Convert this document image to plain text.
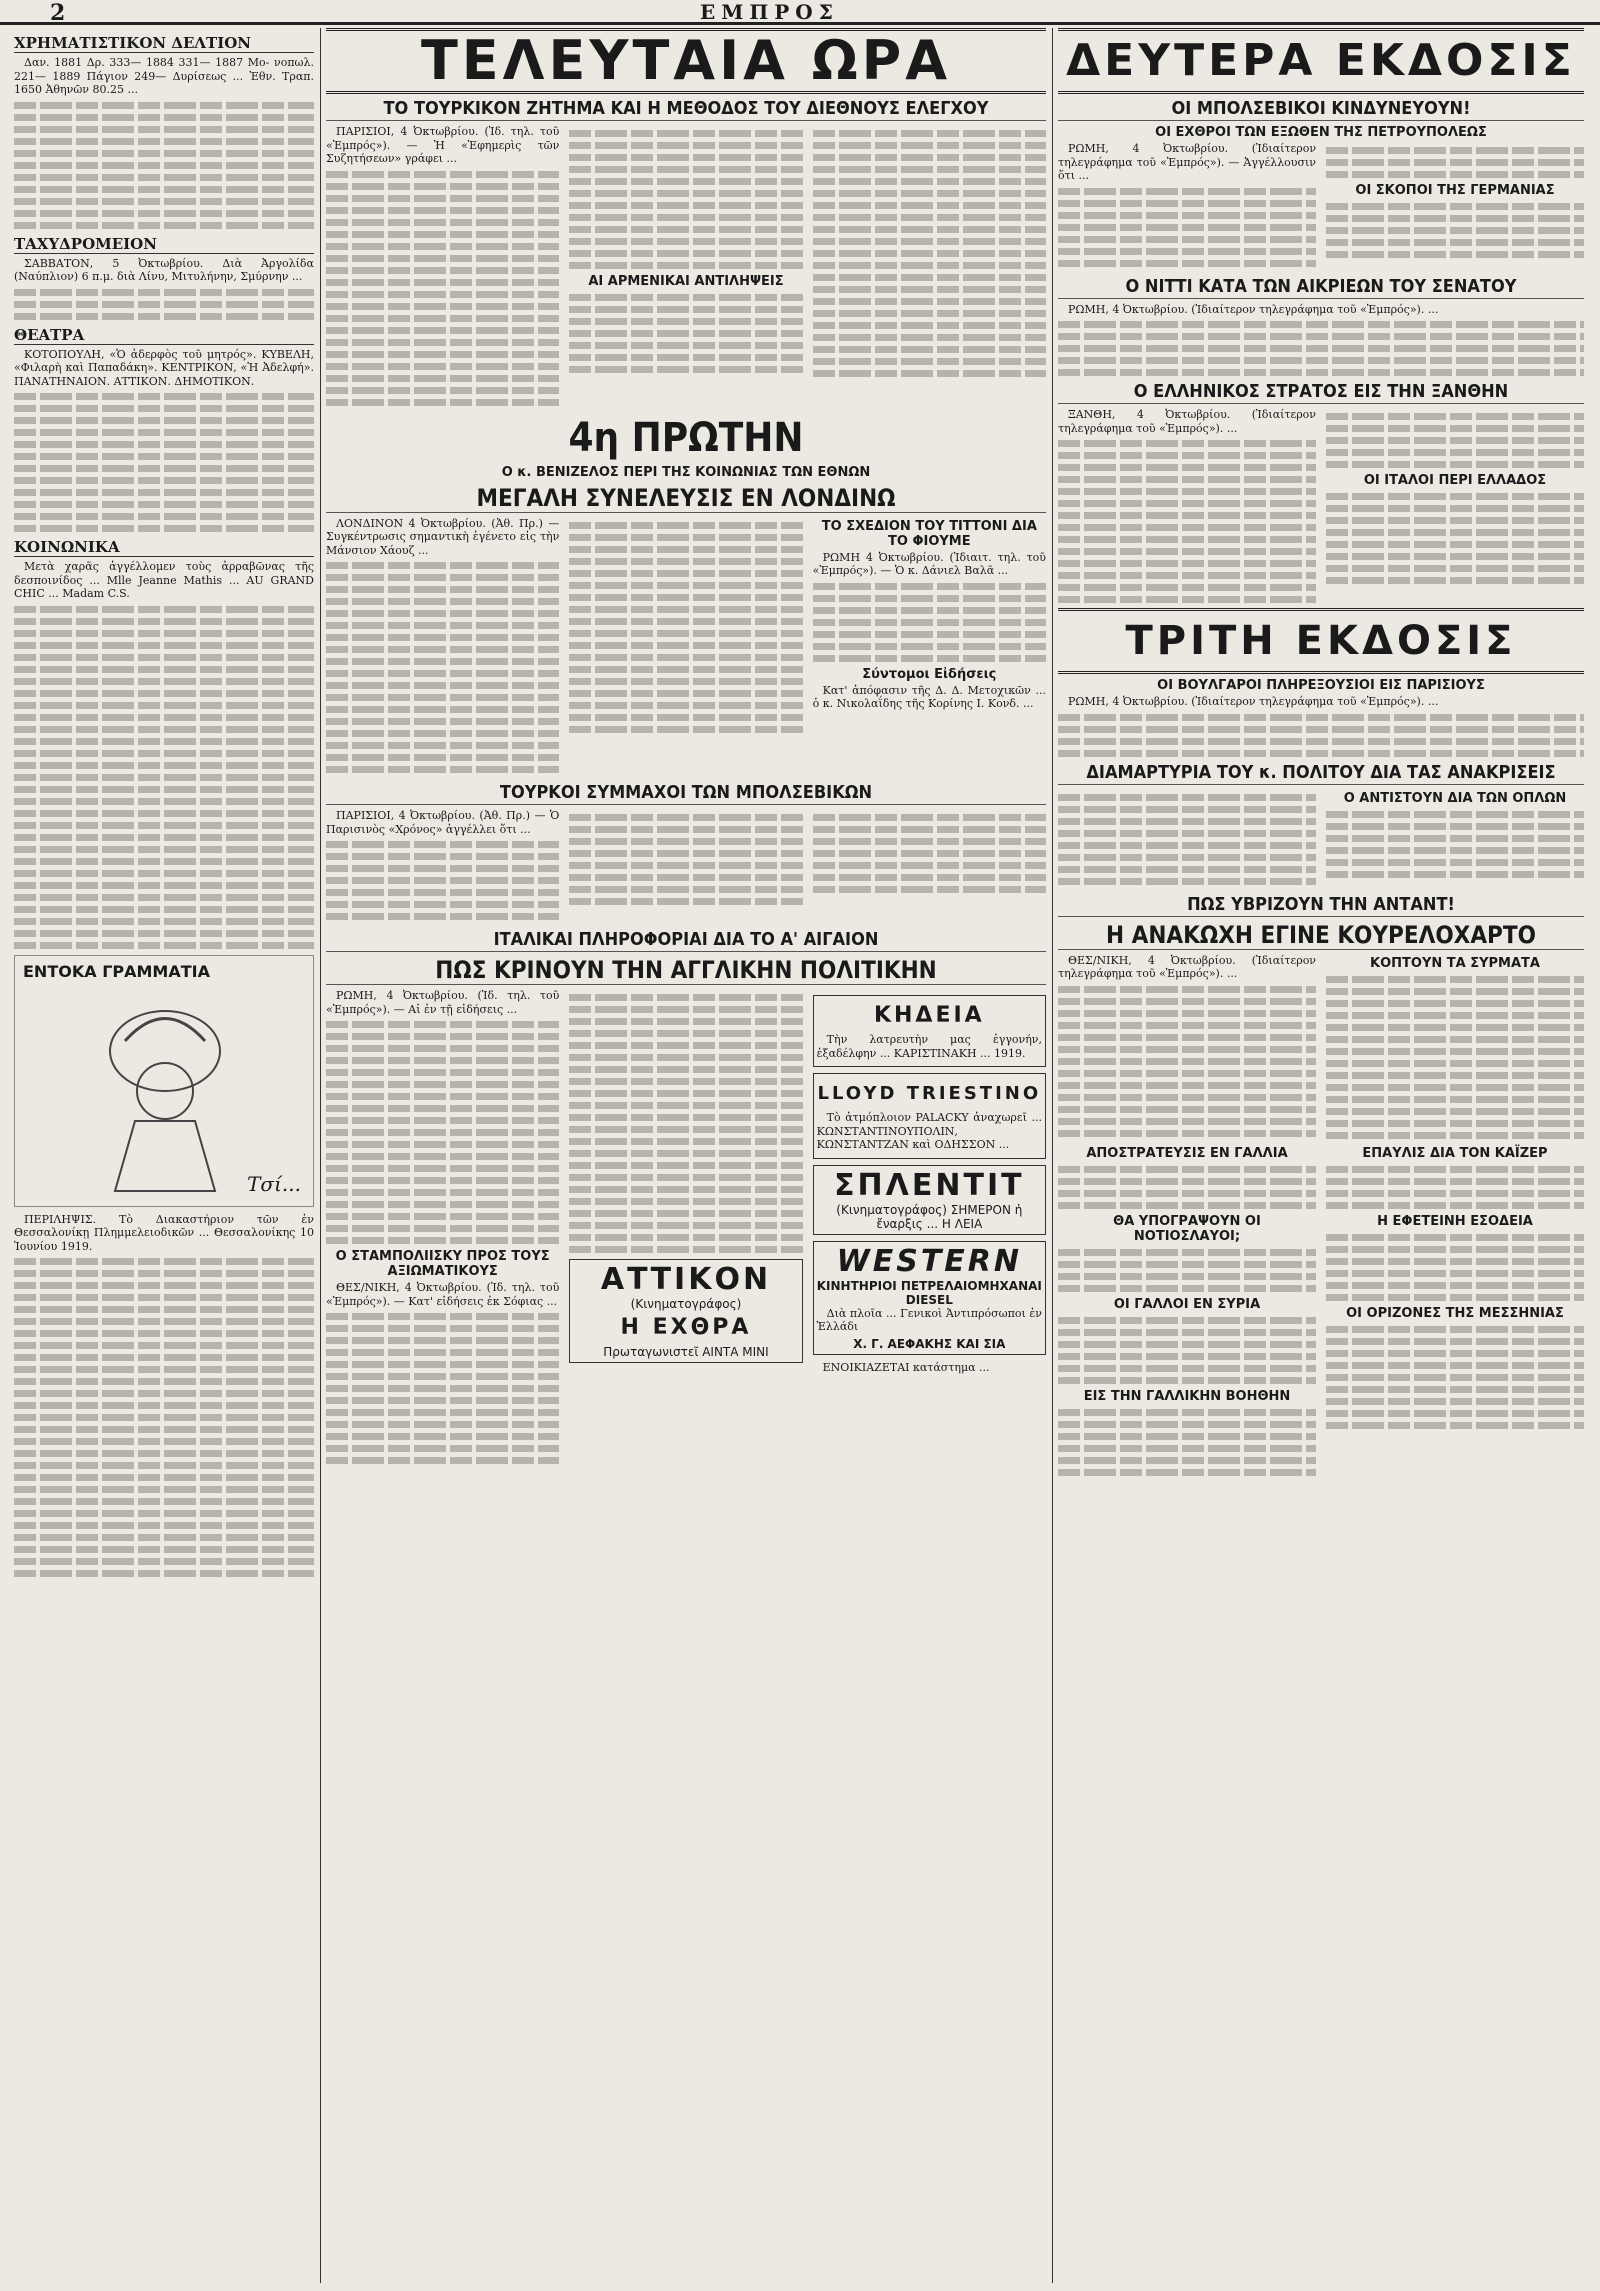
2	ΕΜΠΡΟΣ
ΧΡΗΜΑΤΙΣΤΙΚΟΝ ΔΕΛΤΙΟΝ

Δαν. 1881 Δρ. 333— 1884 331— 1887 Μο- νοπωλ. 221— 1889 Πάγιον 249— Δυρίσεως ... Ἐθν. Τραπ. 1650 Ἀθηνῶν 80.25 ...

ΤΑΧΥΔΡΟΜΕΙΟΝ

ΣΑΒΒΑΤΟΝ, 5 Ὀκτωβρίου. Διὰ Ἀργολίδα (Ναύπλιον) 6 π.μ. διὰ Λίνυ, Μιτυλήνην, Σμύρνην ...

ΘΕΑΤΡΑ

ΚΟΤΟΠΟΥΛΗ, «Ὁ ἀδερφὸς τοῦ μητρός». ΚΥΒΕΛΗ, «Φιλαρὴ καὶ Παπαδάκη». ΚΕΝΤΡΙΚΟΝ, «Ἡ Ἀδελφή». ΠΑΝΑΤΗΝΑΙΟΝ. ΑΤΤΙΚΟΝ. ΔΗΜΟΤΙΚΟΝ.

ΚΟΙΝΩΝΙΚΑ

Μετὰ χαρᾶς ἀγγέλλομεν τοὺς ἀρραβῶνας τῆς δεσποινίδος ... Mlle Jeanne Mathis ... AU GRAND CHIC ... Madam C.S.

ΕΝΤΟΚΑ ΓΡΑΜΜΑΤΙΑ
Τσί...

ΠΕΡΙΛΗΨΙΣ. Τὸ Διακαστήριον τῶν ἐν Θεσσαλονίκῃ Πλημμελειοδικῶν ... Θεσσαλονίκης 10 Ἰουνίου 1919.

ΤΕΛΕΥΤΑΙΑ ΩΡΑ
ΤΟ ΤΟΥΡΚΙΚΟΝ ΖΗΤΗΜΑ ΚΑΙ Η ΜΕΘΟΔΟΣ ΤΟΥ ΔΙΕΘΝΟΥΣ ΕΛΕΓΧΟΥ

ΠΑΡΙΣΙΟΙ, 4 Ὀκτωβρίου. (Ἰδ. τηλ. τοῦ «Ἐμπρός»). — Ἡ «Ἐφημερὶς τῶν Συζητήσεων» γράφει ...

ΑΙ ΑΡΜΕΝΙΚΑΙ ΑΝΤΙΛΗΨΕΙΣ
4η ΠΡΩΤΗΝ
Ο κ. ΒΕΝΙΖΕΛΟΣ ΠΕΡΙ ΤΗΣ ΚΟΙΝΩΝΙΑΣ ΤΩΝ ΕΘΝΩΝ
ΜΕΓΑΛΗ ΣΥΝΕΛΕΥΣΙΣ ΕΝ ΛΟΝΔΙΝΩ

ΛΟΝΔΙΝΟΝ 4 Ὀκτωβρίου. (Ἀθ. Πρ.) — Συγκέντρωσις σημαντικὴ ἐγένετο εἰς τὴν Μάνσιον Χάουζ ...

ΤΟ ΣΧΕΔΙΟΝ ΤΟΥ ΤΙΤΤΟΝΙ ΔΙΑ ΤΟ ΦΙΟΥΜΕ

ΡΩΜΗ 4 Ὀκτωβρίου. (Ἰδιαιτ. τηλ. τοῦ «Ἐμπρός»). — Ὁ κ. Δάνιελ Βαλᾶ ...

Σύντομοι Εἰδήσεις

Κατ' ἀπόφασιν τῆς Δ. Δ. Μετοχικῶν ... ὁ κ. Νικολαΐδης τῆς Κορίνης Ι. Κονδ. ...

ΤΟΥΡΚΟΙ ΣΥΜΜΑΧΟΙ ΤΩΝ ΜΠΟΛΣΕΒΙΚΩΝ

ΠΑΡΙΣΙΟΙ, 4 Ὀκτωβρίου. (Ἀθ. Πρ.) — Ὁ Παρισινὸς «Χρόνος» ἀγγέλλει ὅτι ...

ΙΤΑΛΙΚΑΙ ΠΛΗΡΟΦΟΡΙΑΙ ΔΙΑ ΤΟ Α' ΑΙΓΑΙΟΝ
ΠΩΣ ΚΡΙΝΟΥΝ ΤΗΝ ΑΓΓΛΙΚΗΝ ΠΟΛΙΤΙΚΗΝ

ΡΩΜΗ, 4 Ὀκτωβρίου. (Ἰδ. τηλ. τοῦ «Ἐμπρός»). — Αἱ ἐν τῇ εἰδήσεις ...

Ο ΣΤΑΜΠΟΛΙΙΣΚΥ ΠΡΟΣ ΤΟΥΣ ΑΞΙΩΜΑΤΙΚΟΥΣ

ΘΕΣ/ΝΙΚΗ, 4 Ὀκτωβρίου. (Ἰδ. τηλ. τοῦ «Ἐμπρός»). — Κατ' εἰδήσεις ἐκ Σόφιας ...

ΑΤΤΙΚΟΝ
(Κινηματογράφος)
Η ΕΧΘΡΑ
Πρωταγωνιστεῖ ΑΙΝΤΑ ΜΙΝΙ
ΚΗΔΕΙΑ

Τὴν λατρευτὴν μας ἐγγονήν, ἐξαδέλφην ... ΚΑΡΙΣΤΙΝΑΚΗ ... 1919.

LLOYD TRIESTINO

Τὸ ἀτμόπλοιον PALACKY ἀναχωρεῖ ... ΚΩΝΣΤΑΝΤΙΝΟΥΠΟΛΙΝ, ΚΩΝΣΤΑΝΤΖΑΝ καὶ ΟΔΗΣΣΟΝ ...

ΣΠΛΕΝΤΙΤ
(Κινηματογράφος) ΣΗΜΕΡΟΝ ἡ ἔναρξις ... Η ΛΕΙΑ
WESTERN
ΚΙΝΗΤΗΡΙΟΙ ΠΕΤΡΕΛΑΙΟΜΗΧΑΝΑΙ DIESEL

Διὰ πλοῖα ... Γενικοὶ Ἀντιπρόσωποι ἐν Ἑλλάδι

Χ. Γ. ΑΕΦΑΚΗΣ ΚΑΙ ΣΙΑ

ΕΝΟΙΚΙΑΖΕΤΑΙ κατάστημα ...

ΔΕΥΤΕΡΑ ΕΚΔΟΣΙΣ
ΟΙ ΜΠΟΛΣΕΒΙΚΟΙ ΚΙΝΔΥΝΕΥΟΥΝ!
ΟΙ ΕΧΘΡΟΙ ΤΩΝ ΕΞΩΘΕΝ ΤΗΣ ΠΕΤΡΟΥΠΟΛΕΩΣ

ΡΩΜΗ, 4 Ὀκτωβρίου. (Ἰδιαίτερον τηλεγράφημα τοῦ «Ἐμπρός»). — Ἀγγέλλουσιν ὅτι ...

ΟΙ ΣΚΟΠΟΙ ΤΗΣ ΓΕΡΜΑΝΙΑΣ
Ο ΝΙΤΤΙ ΚΑΤΑ ΤΩΝ ΑΙΚΡΙΕΩΝ ΤΟΥ ΣΕΝΑΤΟΥ

ΡΩΜΗ, 4 Ὀκτωβρίου. (Ἰδιαίτερον τηλεγράφημα τοῦ «Ἐμπρός»). ...

Ο ΕΛΛΗΝΙΚΟΣ ΣΤΡΑΤΟΣ ΕΙΣ ΤΗΝ ΞΑΝΘΗΝ

ΞΑΝΘΗ, 4 Ὀκτωβρίου. (Ἰδιαίτερον τηλεγράφημα τοῦ «Ἐμπρός»). ...

ΟΙ ΙΤΑΛΟΙ ΠΕΡΙ ΕΛΛΑΔΟΣ
ΤΡΙΤΗ ΕΚΔΟΣΙΣ
ΟΙ ΒΟΥΛΓΑΡΟΙ ΠΛΗΡΕΞΟΥΣΙΟΙ ΕΙΣ ΠΑΡΙΣΙΟΥΣ

ΡΩΜΗ, 4 Ὀκτωβρίου. (Ἰδιαίτερον τηλεγράφημα τοῦ «Ἐμπρός»). ...

ΔΙΑΜΑΡΤΥΡΙΑ ΤΟΥ κ. ΠΟΛΙΤΟΥ ΔΙΑ ΤΑΣ ΑΝΑΚΡΙΣΕΙΣ
Ο ΑΝΤΙΣΤΟΥΝ ΔΙΑ ΤΩΝ ΟΠΛΩΝ
ΠΩΣ ΥΒΡΙΖΟΥΝ ΤΗΝ ΑΝΤΑΝΤ!
Η ΑΝΑΚΩΧΗ ΕΓΙΝΕ ΚΟΥΡΕΛΟΧΑΡΤΟ

ΘΕΣ/ΝΙΚΗ, 4 Ὀκτωβρίου. (Ἰδιαίτερον τηλεγράφημα τοῦ «Ἐμπρός»). ...

ΚΟΠΤΟΥΝ ΤΑ ΣΥΡΜΑΤΑ
ΑΠΟΣΤΡΑΤΕΥΣΙΣ ΕΝ ΓΑΛΛΙΑ
ΘΑ ΥΠΟΓΡΑΨΟΥΝ ΟΙ ΝΟΤΙΟΣΛΑΥΟΙ;
ΟΙ ΓΑΛΛΟΙ ΕΝ ΣΥΡΙΑ
ΕΙΣ ΤΗΝ ΓΑΛΛΙΚΗΝ ΒΟΗΘΗΝ
ΕΠΑΥΛΙΣ ΔΙΑ ΤΟΝ ΚΑΪΖΕΡ
Η ΕΦΕΤΕΙΝΗ ΕΣΟΔΕΙΑ
ΟΙ ΟΡΙΖΟΝΕΣ ΤΗΣ ΜΕΣΣΗΝΙΑΣ
